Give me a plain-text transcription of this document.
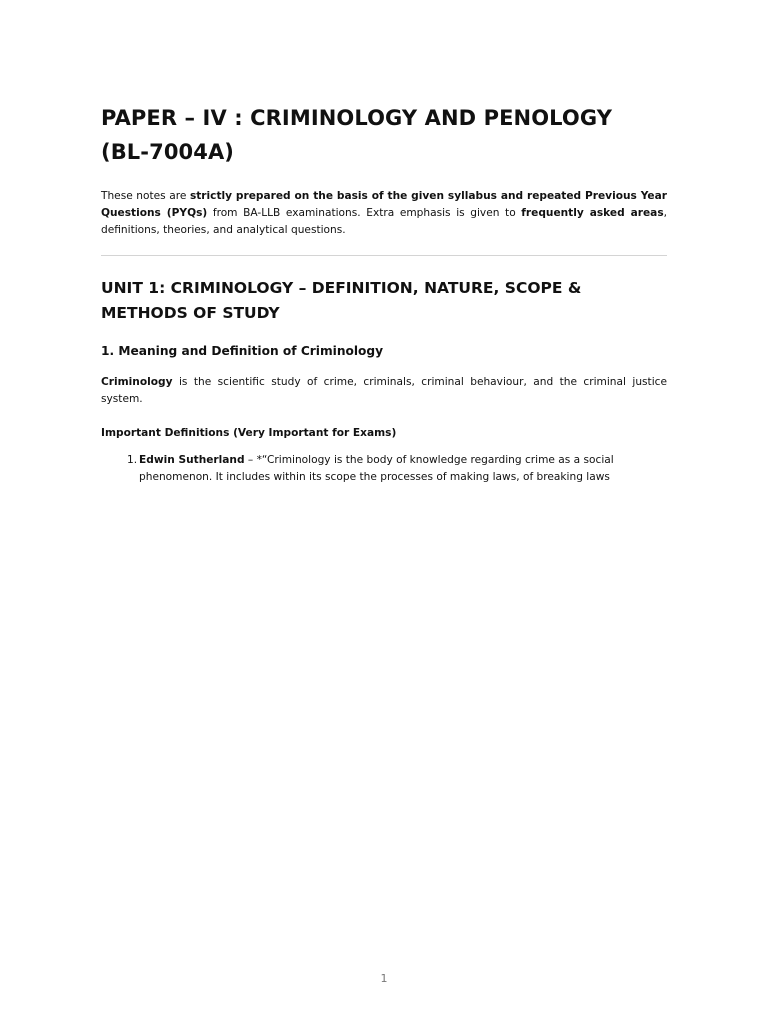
PAPER – IV : CRIMINOLOGY AND PENOLOGY (BL-7004A)

These notes are strictly prepared on the basis of the given syllabus and repeated Previous Year Questions (PYQs) from BA-LLB examinations. Extra emphasis is given to frequently asked areas, definitions, theories, and analytical questions.

UNIT 1: CRIMINOLOGY – DEFINITION, NATURE, SCOPE & METHODS OF STUDY
1. Meaning and Definition of Criminology

Criminology is the scientific study of crime, criminals, criminal behaviour, and the criminal justice system.

Important Definitions (Very Important for Exams)

1. Edwin Sutherland – *“Criminology is the body of knowledge regarding crime as a social phenomenon. It includes within its scope the processes of making laws, of breaking laws
1
